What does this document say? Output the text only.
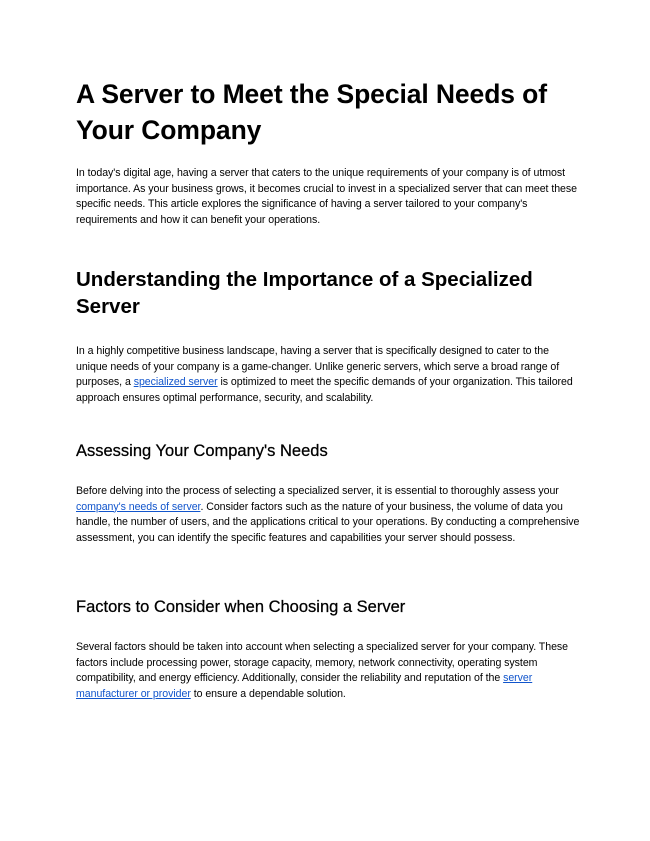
A Server to Meet the Special Needs of Your Company

In today's digital age, having a server that caters to the unique requirements of your company is of utmost importance. As your business grows, it becomes crucial to invest in a specialized server that can meet these specific needs. This article explores the significance of having a server tailored to your company's requirements and how it can benefit your operations.

Understanding the Importance of a Specialized Server

In a highly competitive business landscape, having a server that is specifically designed to cater to the unique needs of your company is a game-changer. Unlike generic servers, which serve a broad range of purposes, a specialized server is optimized to meet the specific demands of your organization. This tailored approach ensures optimal performance, security, and scalability.

Assessing Your Company's Needs

Before delving into the process of selecting a specialized server, it is essential to thoroughly assess your company's needs of server. Consider factors such as the nature of your business, the volume of data you handle, the number of users, and the applications critical to your operations. By conducting a comprehensive assessment, you can identify the specific features and capabilities your server should possess.

Factors to Consider when Choosing a Server

Several factors should be taken into account when selecting a specialized server for your company. These factors include processing power, storage capacity, memory, network connectivity, operating system compatibility, and energy efficiency. Additionally, consider the reliability and reputation of the server manufacturer or provider to ensure a dependable solution.
